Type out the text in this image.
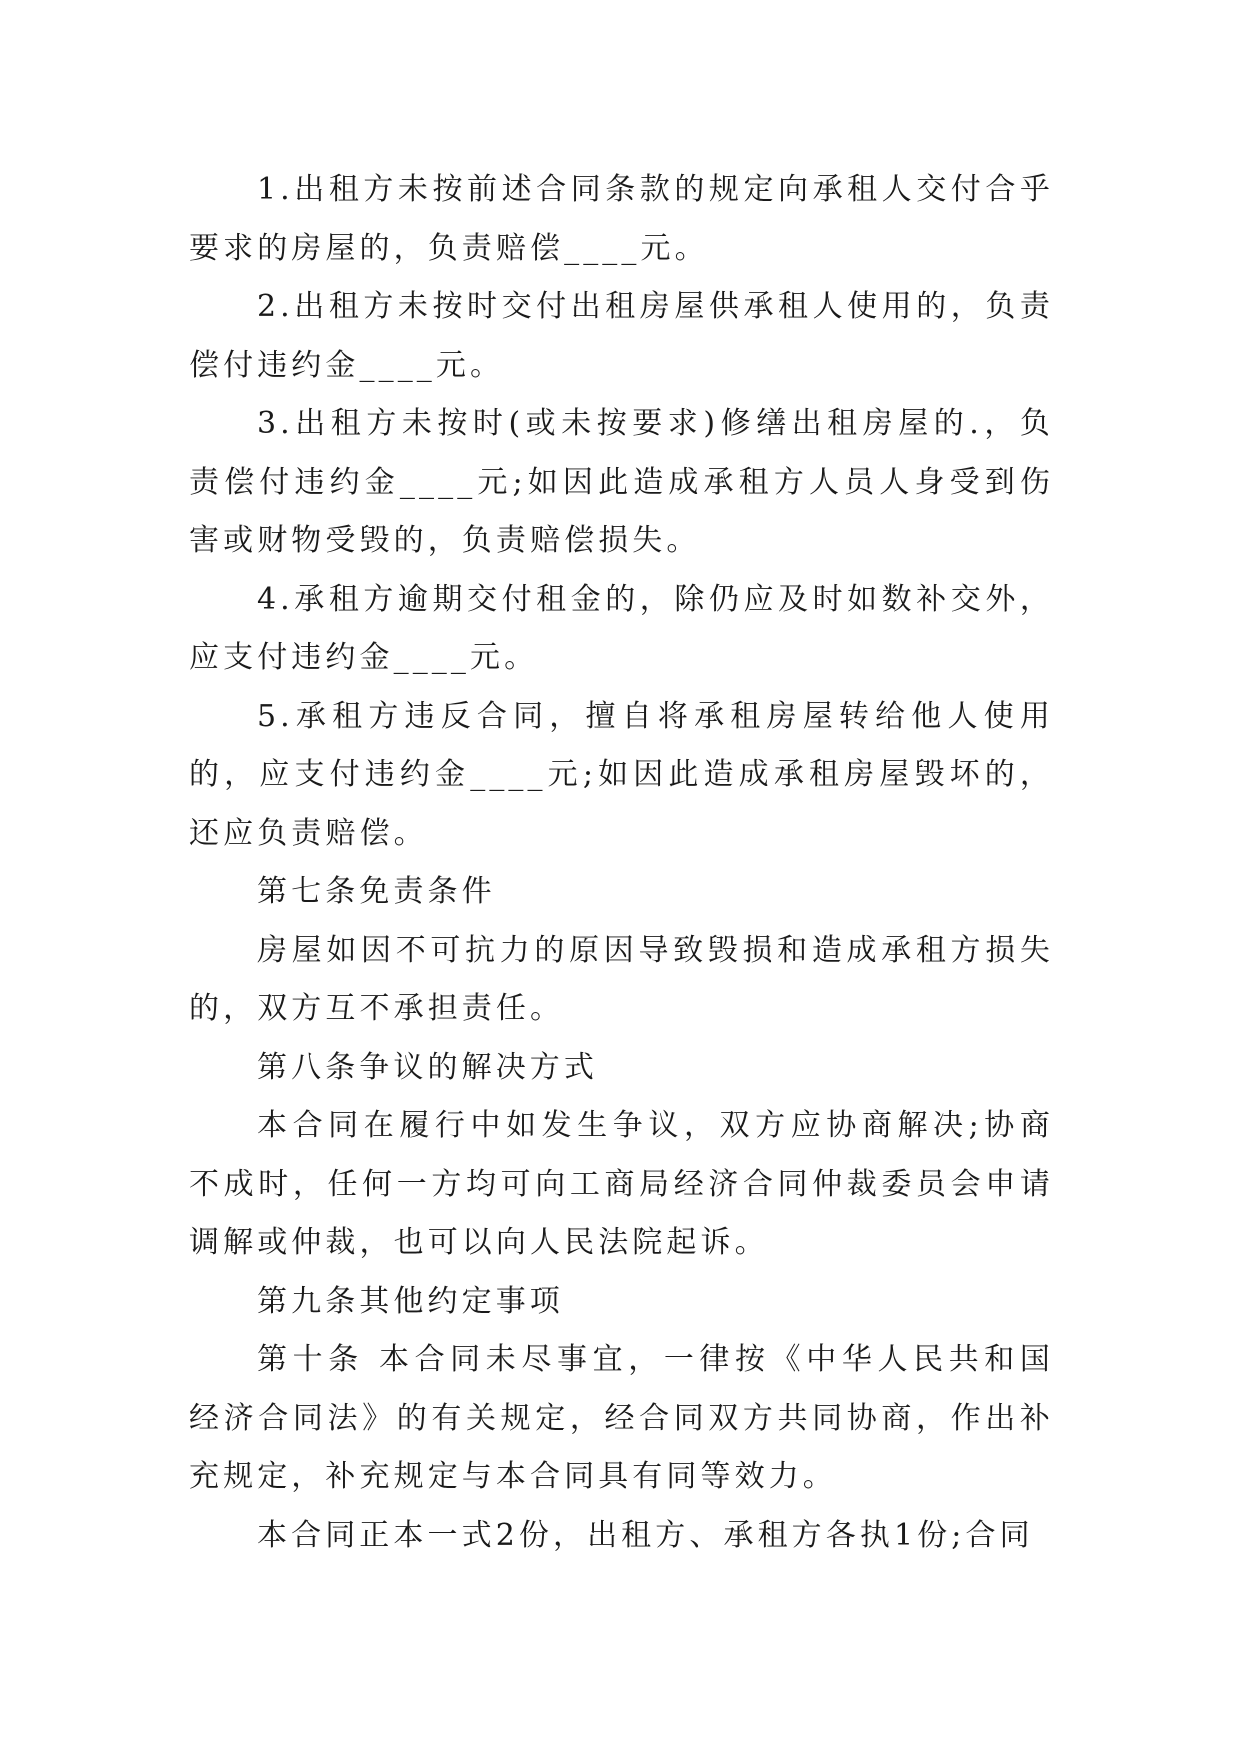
1.出租方未按前述合同条款的规定向承租人交付合乎要求的房屋的，负责赔偿____元。

2.出租方未按时交付出租房屋供承租人使用的，负责偿付违约金____元。

3.出租方未按时(或未按要求)修缮出租房屋的.，负责偿付违约金____元;如因此造成承租方人员人身受到伤害或财物受毁的，负责赔偿损失。

4.承租方逾期交付租金的，除仍应及时如数补交外，应支付违约金____元。

5.承租方违反合同，擅自将承租房屋转给他人使用的，应支付违约金____元;如因此造成承租房屋毁坏的，还应负责赔偿。

第七条免责条件

房屋如因不可抗力的原因导致毁损和造成承租方损失的，双方互不承担责任。

第八条争议的解决方式

本合同在履行中如发生争议，双方应协商解决;协商不成时，任何一方均可向工商局经济合同仲裁委员会申请调解或仲裁，也可以向人民法院起诉。

第九条其他约定事项

第十条 本合同未尽事宜，一律按《中华人民共和国经济合同法》的有关规定，经合同双方共同协商，作出补充规定，补充规定与本合同具有同等效力。

本合同正本一式2份，出租方、承租方各执1份;合同
